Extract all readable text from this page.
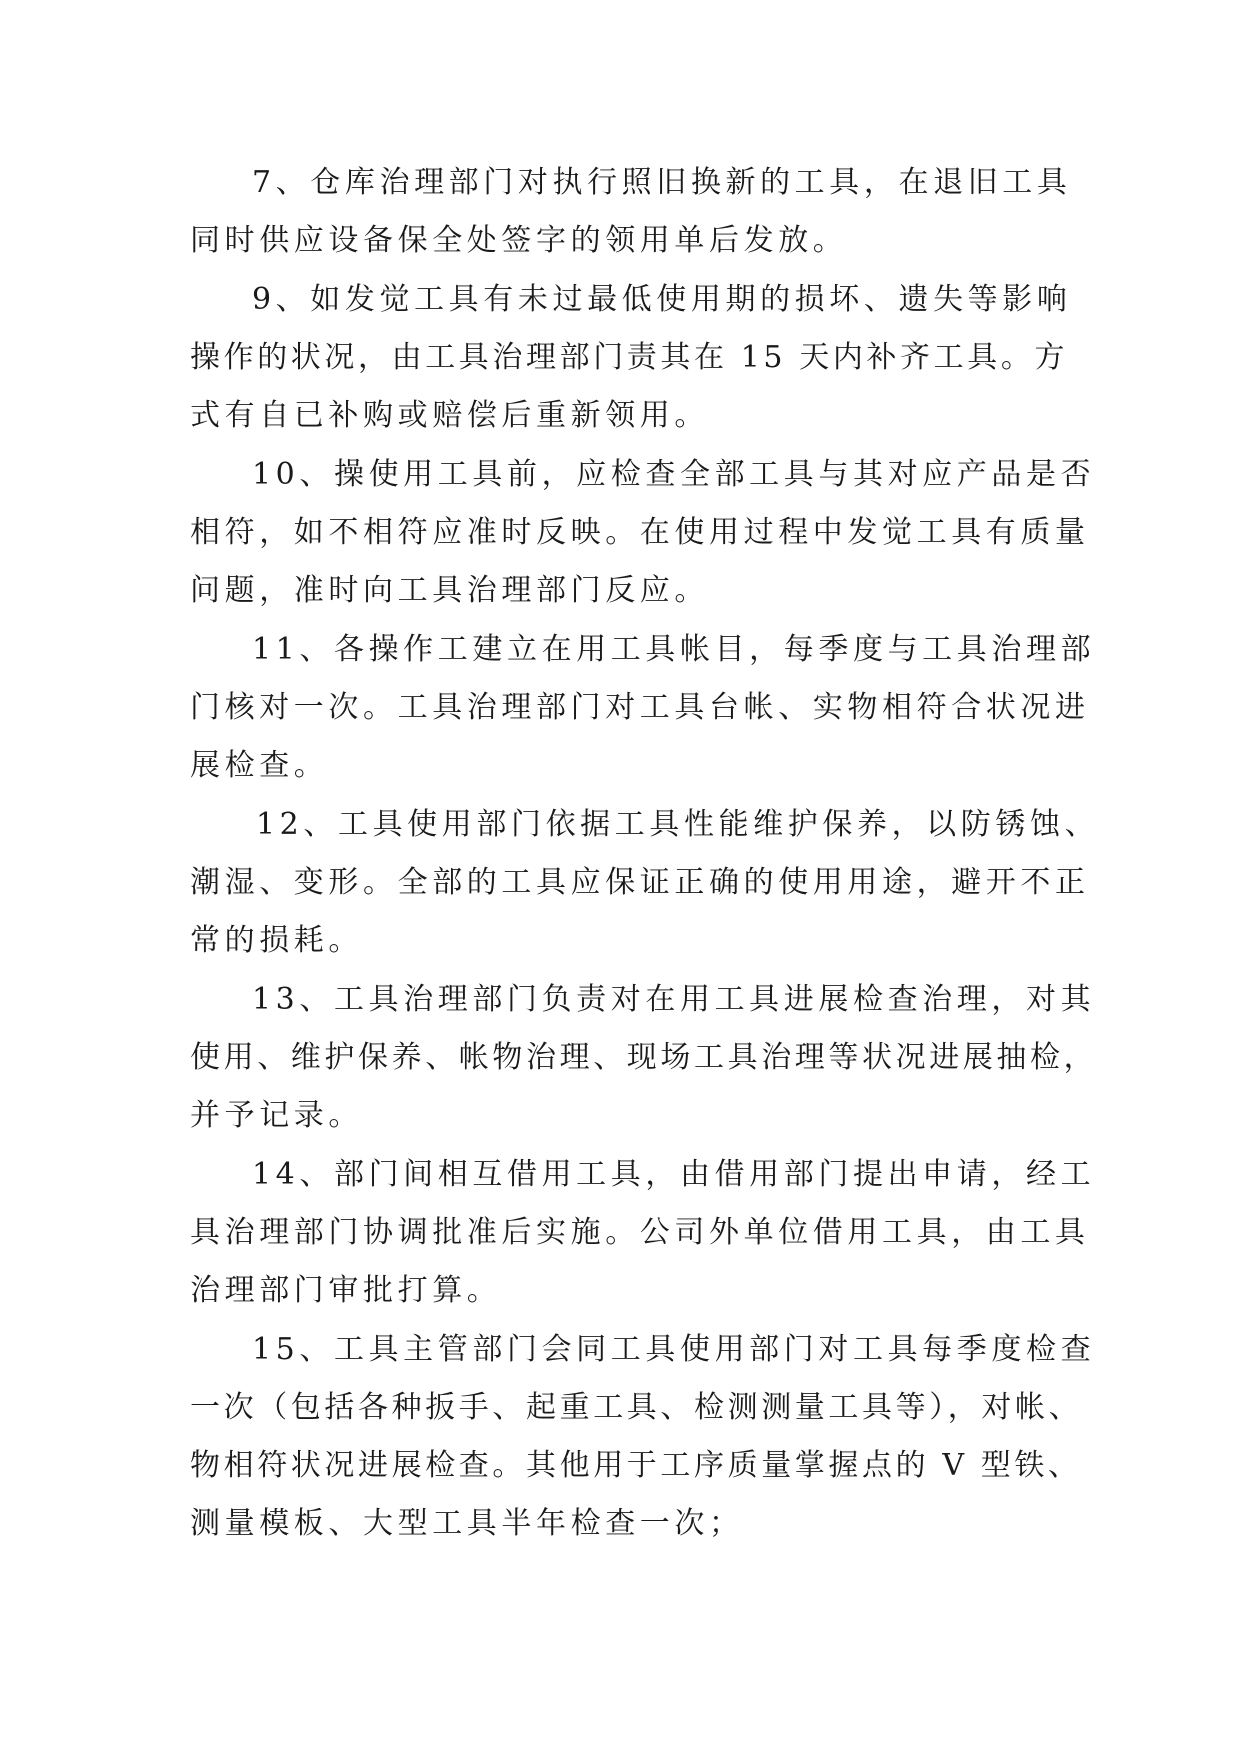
7、仓库治理部门对执行照旧换新的工具，在退旧工具
同时供应设备保全处签字的领用单后发放。

9、如发觉工具有未过最低使用期的损坏、遗失等影响
操作的状况，由工具治理部门责其在 15 天内补齐工具。方
式有自已补购或赔偿后重新领用。

10、操使用工具前，应检查全部工具与其对应产品是否
相符，如不相符应准时反映。在使用过程中发觉工具有质量
问题，准时向工具治理部门反应。

11、各操作工建立在用工具帐目，每季度与工具治理部
门核对一次。工具治理部门对工具台帐、实物相符合状况进
展检查。

12、工具使用部门依据工具性能维护保养，以防锈蚀、
潮湿、变形。全部的工具应保证正确的使用用途，避开不正
常的损耗。

13、工具治理部门负责对在用工具进展检查治理，对其
使用、维护保养、帐物治理、现场工具治理等状况进展抽检，
并予记录。

14、部门间相互借用工具，由借用部门提出申请，经工
具治理部门协调批准后实施。公司外单位借用工具，由工具
治理部门审批打算。

15、工具主管部门会同工具使用部门对工具每季度检查
一次（包括各种扳手、起重工具、检测测量工具等），对帐、
物相符状况进展检查。其他用于工序质量掌握点的 V 型铁、
测量模板、大型工具半年检查一次；
